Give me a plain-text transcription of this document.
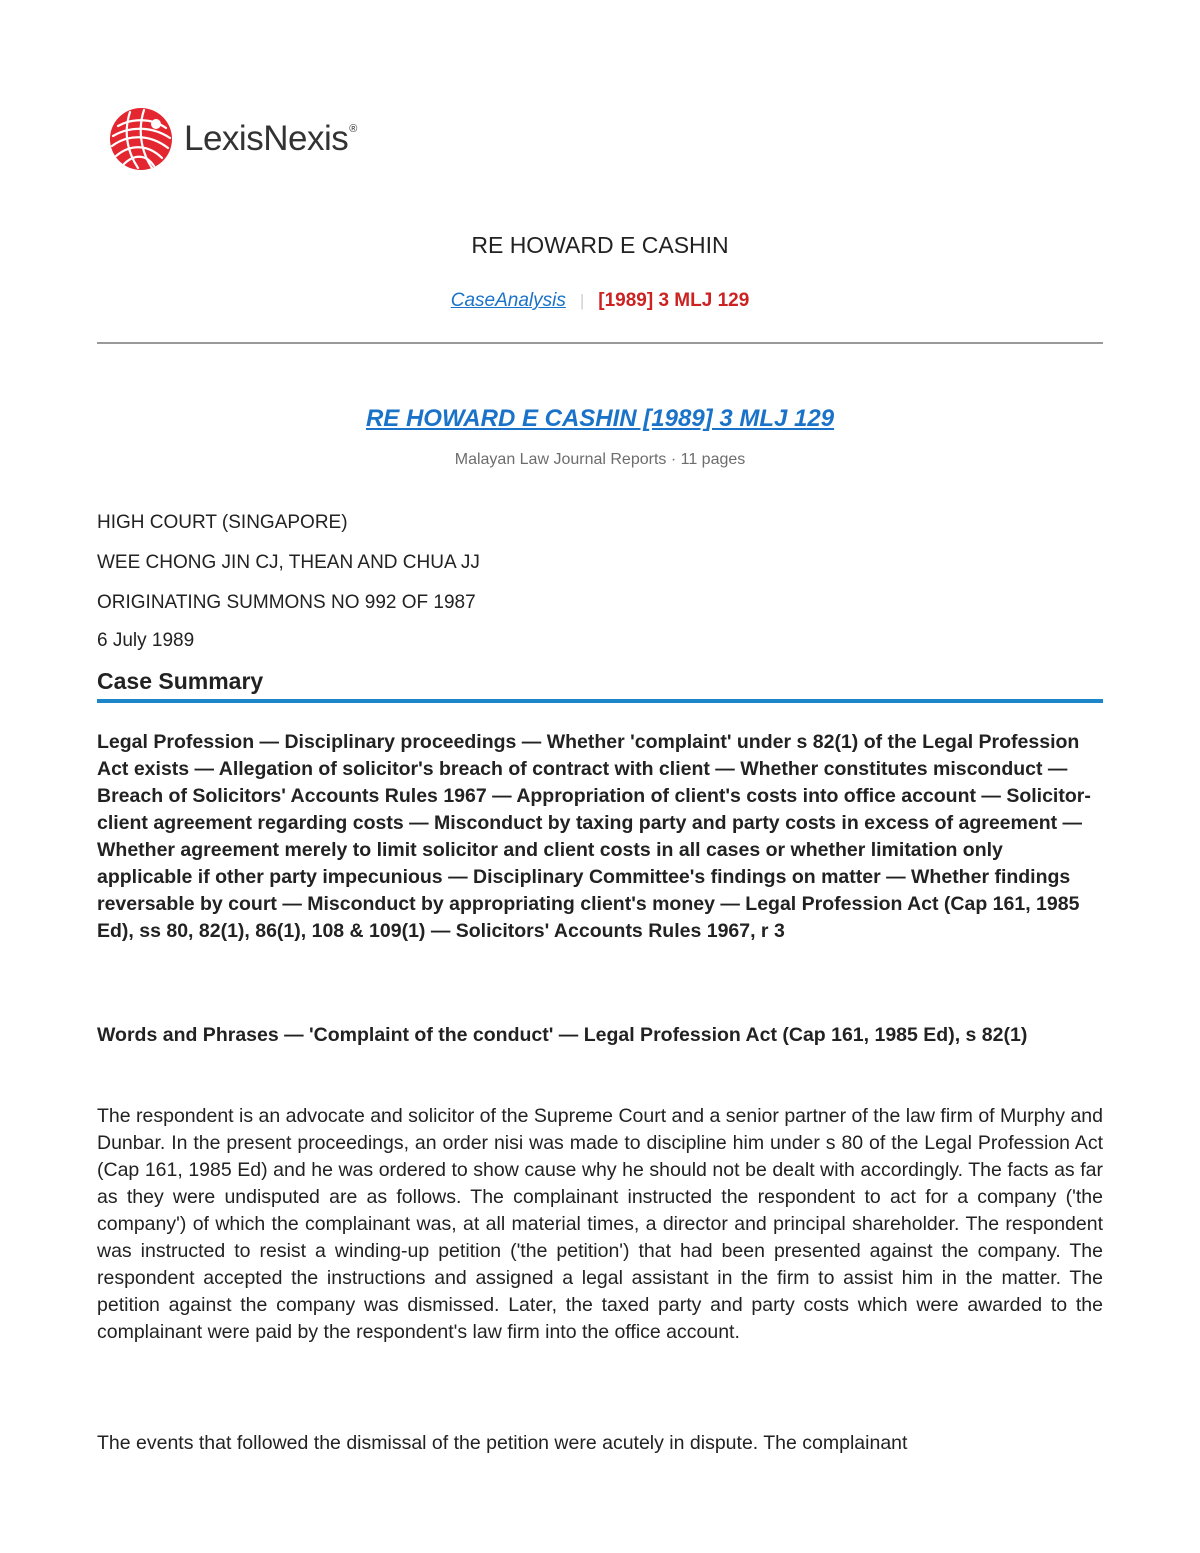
LexisNexis®
RE HOWARD E CASHIN
CaseAnalysis | [1989] 3 MLJ 129
RE HOWARD E CASHIN [1989] 3 MLJ 129
Malayan Law Journal Reports · 11 pages
HIGH COURT (SINGAPORE)
WEE CHONG JIN CJ, THEAN AND CHUA JJ
ORIGINATING SUMMONS NO 992 OF 1987
6 July 1989
Case Summary
Legal Profession — Disciplinary proceedings — Whether 'complaint' under s 82(1) of the Legal Profession Act exists — Allegation of solicitor's breach of contract with client — Whether constitutes misconduct — Breach of Solicitors' Accounts Rules 1967 — Appropriation of client's costs into office account — Solicitor-client agreement regarding costs — Misconduct by taxing party and party costs in excess of agreement — Whether agreement merely to limit solicitor and client costs in all cases or whether limitation only applicable if other party impecunious — Disciplinary Committee's findings on matter — Whether findings reversable by court — Misconduct by appropriating client's money — Legal Profession Act (Cap 161, 1985 Ed), ss 80, 82(1), 86(1), 108 & 109(1) — Solicitors' Accounts Rules 1967, r 3
Words and Phrases — 'Complaint of the conduct' — Legal Profession Act (Cap 161, 1985 Ed), s 82(1)
The respondent is an advocate and solicitor of the Supreme Court and a senior partner of the law firm of Murphy and Dunbar. In the present proceedings, an order nisi was made to discipline him under s 80 of the Legal Profession Act (Cap 161, 1985 Ed) and he was ordered to show cause why he should not be dealt with accordingly. The facts as far as they were undisputed are as follows. The complainant instructed the respondent to act for a company ('the company') of which the complainant was, at all material times, a director and principal shareholder. The respondent was instructed to resist a winding-up petition ('the petition') that had been presented against the company. The respondent accepted the instructions and assigned a legal assistant in the firm to assist him in the matter. The petition against the company was dismissed. Later, the taxed party and party costs which were awarded to the complainant were paid by the respondent's law firm into the office account.
The events that followed the dismissal of the petition were acutely in dispute. The complainant
